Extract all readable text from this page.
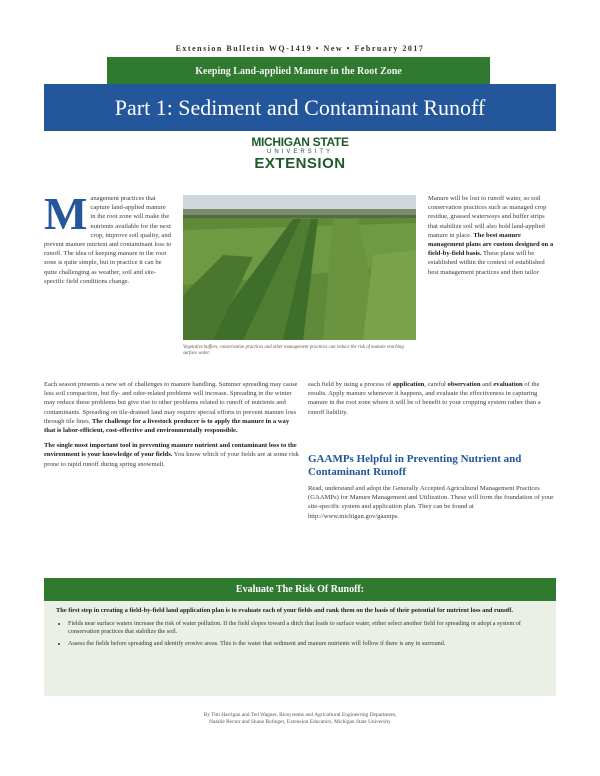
Extension Bulletin WQ-1419 • New • February 2017
Keeping Land-applied Manure in the Root Zone
Part 1: Sediment and Contaminant Runoff
MICHIGAN STATE
UNIVERSITY
EXTENSION
Management practices that capture land-applied manure in the root zone will make the nutrients available for the next crop, improve soil quality, and prevent manure nutrient and contaminant loss to runoff. The idea of keeping manure in the root zone is quite simple, but in practice it can be quite challenging as weather, soil and site-specific field conditions change.
Vegetative buffers, conservation practices and other management practices can reduce the risk of manure reaching surface water.
Manure will be lost to runoff water, so soil conservation practices such as managed crop residue, grassed waterways and buffer strips that stabilize soil will also hold land-applied manure in place. The best manure management plans are custom designed on a field-by-field basis. These plans will be established within the context of established best management practices and then tailor

Each season presents a new set of challenges to manure handling. Summer spreading may cause less soil compaction, but fly- and odor-related problems will increase. Spreading in the winter may reduce these problems but give rise to other problems related to runoff of nutrients and contaminants. Spreading on tile-drained land may require special efforts to prevent manure loss through tile lines. The challenge for a livestock producer is to apply the manure in a way that is labor-efficient, cost-effective and environmentally responsible.

The single most important tool in preventing manure nutrient and contaminant loss to the environment is your knowledge of your fields. You know which of your fields are at some risk prone to rapid runoff during spring snowmelt.

each field by using a process of application, careful observation and evaluation of the results. Apply manure whenever it happens, and evaluate the effectiveness in capturing manure in the root zone where it will be of benefit to your cropping system rather than a runoff liability.
GAAMPs Helpful in Preventing Nutrient and Contaminant Runoff
Read, understand and adopt the Generally Accepted Agricultural Management Practices (GAAMPs) for Manure Management and Utilization. These will form the foundation of your site-specific system and application plan. They can be found at http://www.michigan.gov/gaamps.
Evaluate The Risk Of Runoff:
The first step in creating a field-by-field land application plan is to evaluate each of your fields and rank them on the basis of their potential for nutrient loss and runoff.
• Fields near surface waters increase the risk of water pollution. If the field slopes toward a ditch that leads to surface water, either select another field for spreading or adopt a system of conservation practices that stabilize the soil.
• Assess the fields before spreading and identify erosive areas. This is the water that sediment and manure nutrients will follow if there is any in surround.
By Tim Harrigan and Ted Wagner, Biosystems and Agricultural Engineering Department,
Natalie Rector and Shane Bolinger, Extension Educators, Michigan State University
